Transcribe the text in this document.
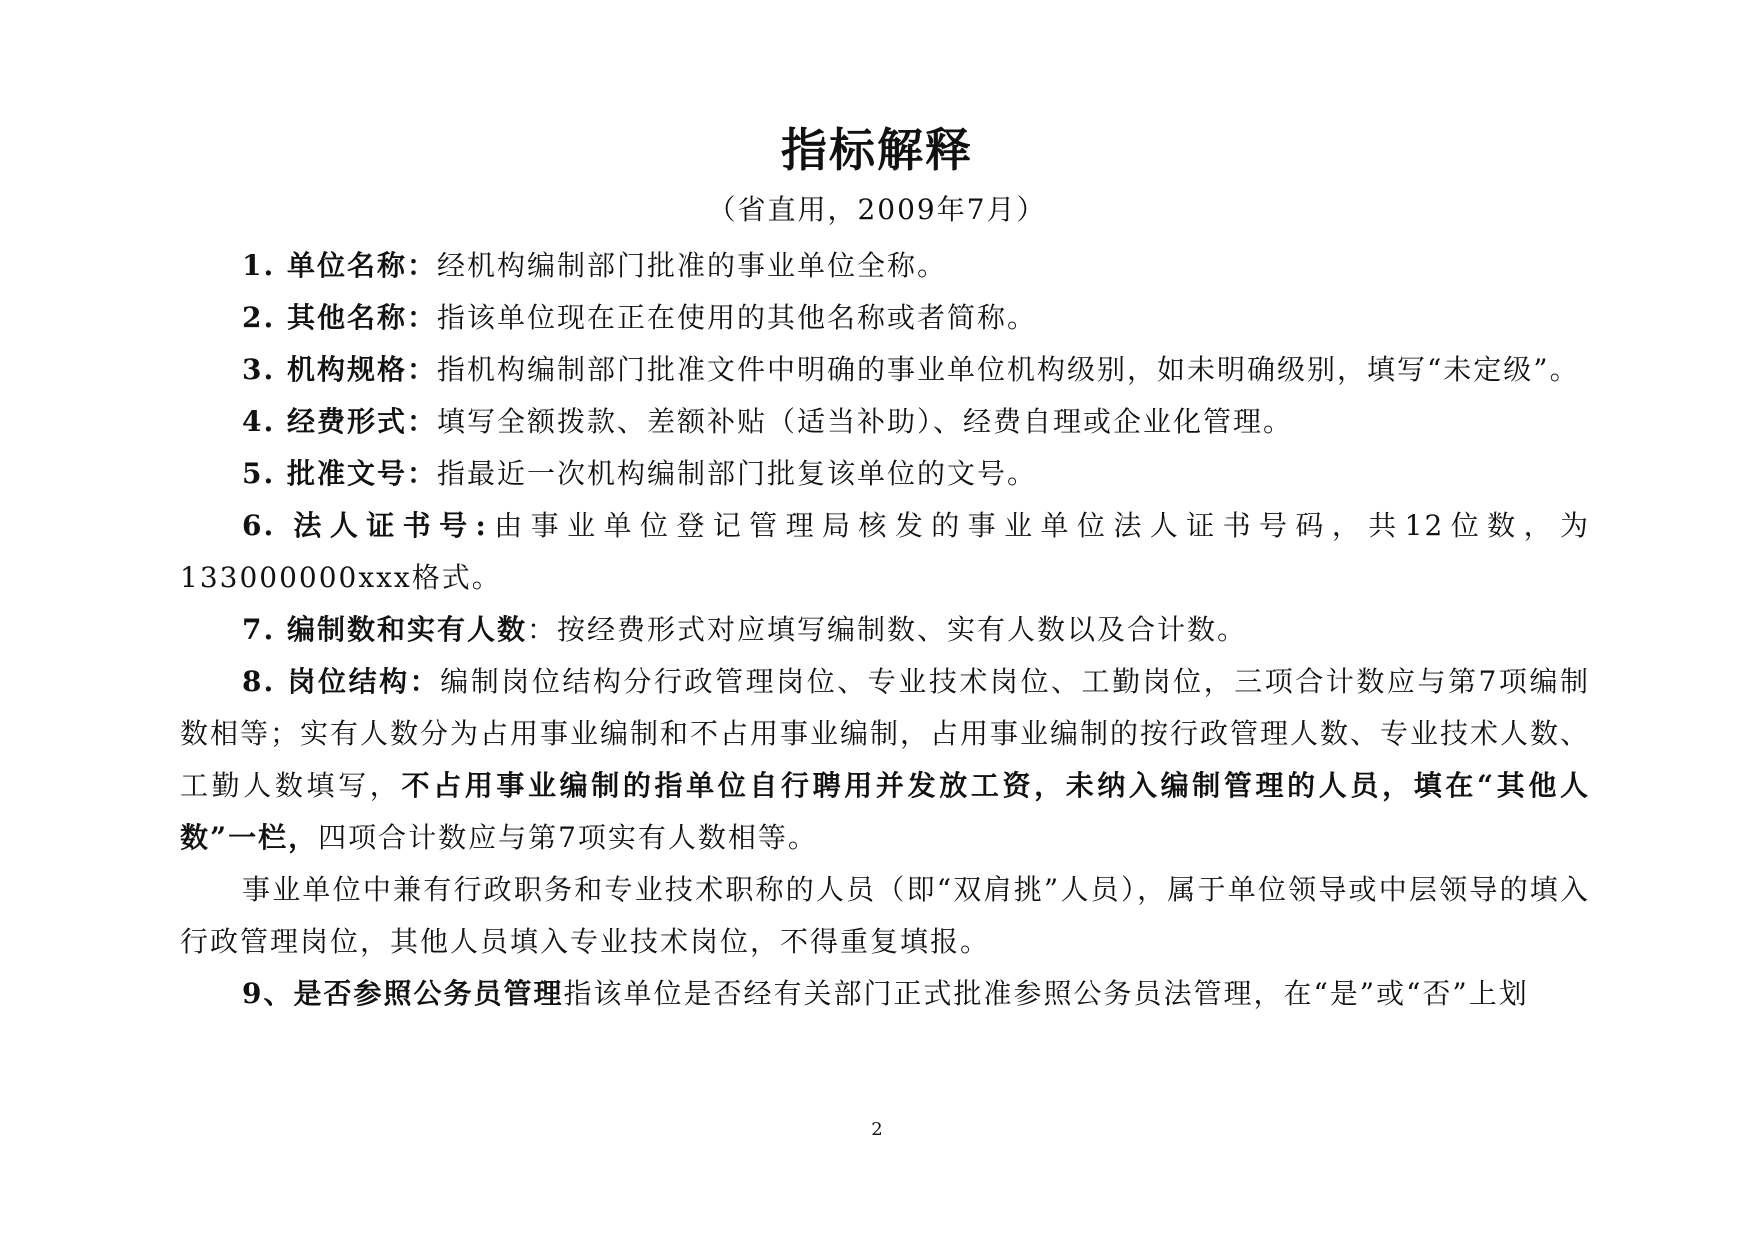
指标解释
（省直用，2009年7月）

1. 单位名称：经机构编制部门批准的事业单位全称。

2. 其他名称：指该单位现在正在使用的其他名称或者简称。

3. 机构规格：指机构编制部门批准文件中明确的事业单位机构级别，如未明确级别，填写“未定级”。

4. 经费形式：填写全额拨款、差额补贴（适当补助）、经费自理或企业化管理。

5. 批准文号：指最近一次机构编制部门批复该单位的文号。

6. 法人证书号:由事业单位登记管理局核发的事业单位法人证书号码，共12位数，为133000000xxx格式。

7. 编制数和实有人数：按经费形式对应填写编制数、实有人数以及合计数。

8. 岗位结构：编制岗位结构分行政管理岗位、专业技术岗位、工勤岗位，三项合计数应与第7项编制数相等；实有人数分为占用事业编制和不占用事业编制，占用事业编制的按行政管理人数、专业技术人数、工勤人数填写，不占用事业编制的指单位自行聘用并发放工资，未纳入编制管理的人员，填在“其他人数”一栏，四项合计数应与第7项实有人数相等。

事业单位中兼有行政职务和专业技术职称的人员（即“双肩挑”人员），属于单位领导或中层领导的填入行政管理岗位，其他人员填入专业技术岗位，不得重复填报。

9、是否参照公务员管理指该单位是否经有关部门正式批准参照公务员法管理，在“是”或“否”上划

2
